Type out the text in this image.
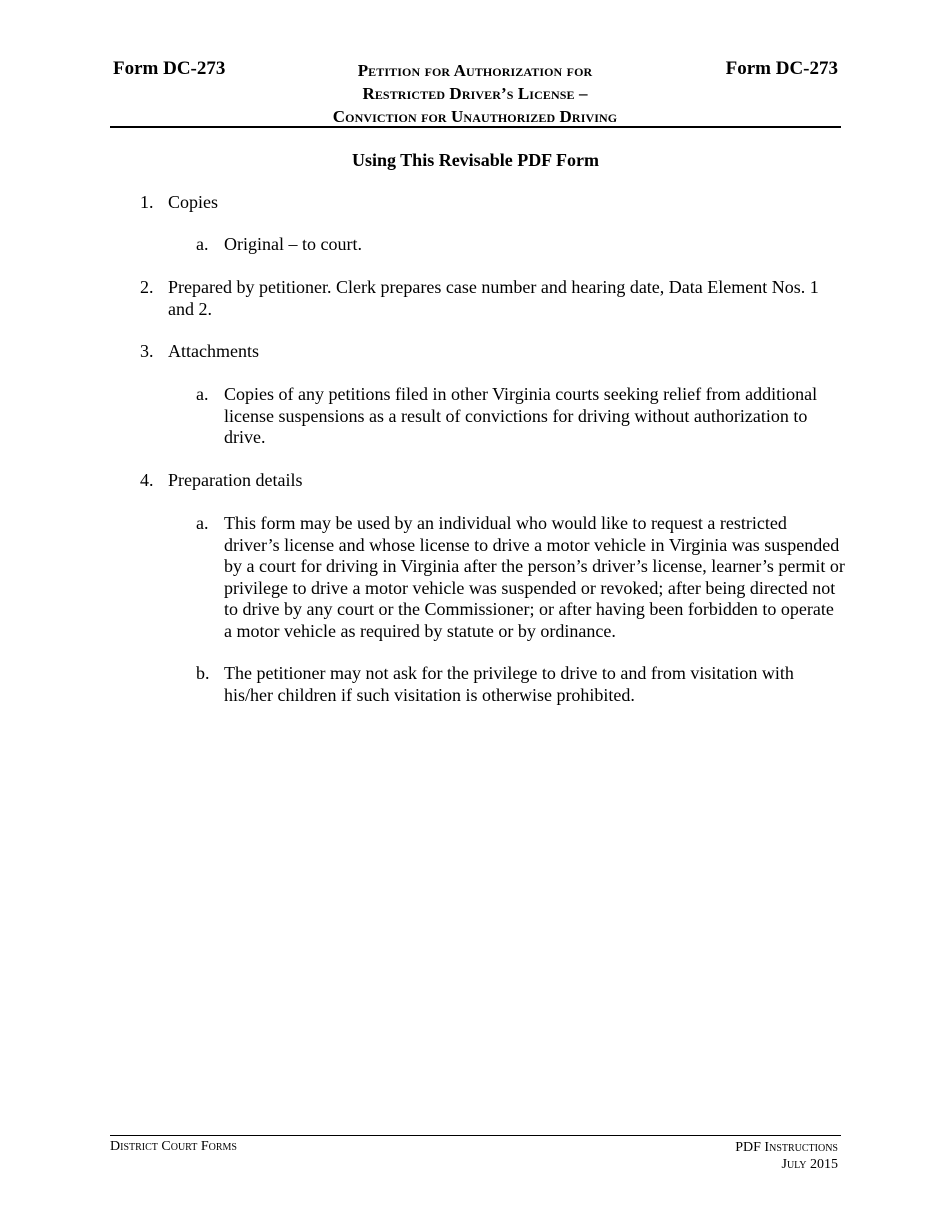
Form DC-273	Petition for Authorization for
Restricted Driver’s License –
Conviction for Unauthorized Driving
Form DC-273
Using This Revisable PDF Form
1. Copies
a. Original – to court.
2. Prepared by petitioner. Clerk prepares case number and hearing date, Data Element Nos. 1 and 2.
3. Attachments
a. Copies of any petitions filed in other Virginia courts seeking relief from additional license suspensions as a result of convictions for driving without authorization to drive.
4. Preparation details
a. This form may be used by an individual who would like to request a restricted driver’s license and whose license to drive a motor vehicle in Virginia was suspended by a court for driving in Virginia after the person’s driver’s license, learner’s permit or privilege to drive a motor vehicle was suspended or revoked; after being directed not to drive by any court or the Commissioner; or after having been forbidden to operate a motor vehicle as required by statute or by ordinance.
b. The petitioner may not ask for the privilege to drive to and from visitation with his/her children if such visitation is otherwise prohibited.
District Court Forms	PDF Instructions
July 2015
